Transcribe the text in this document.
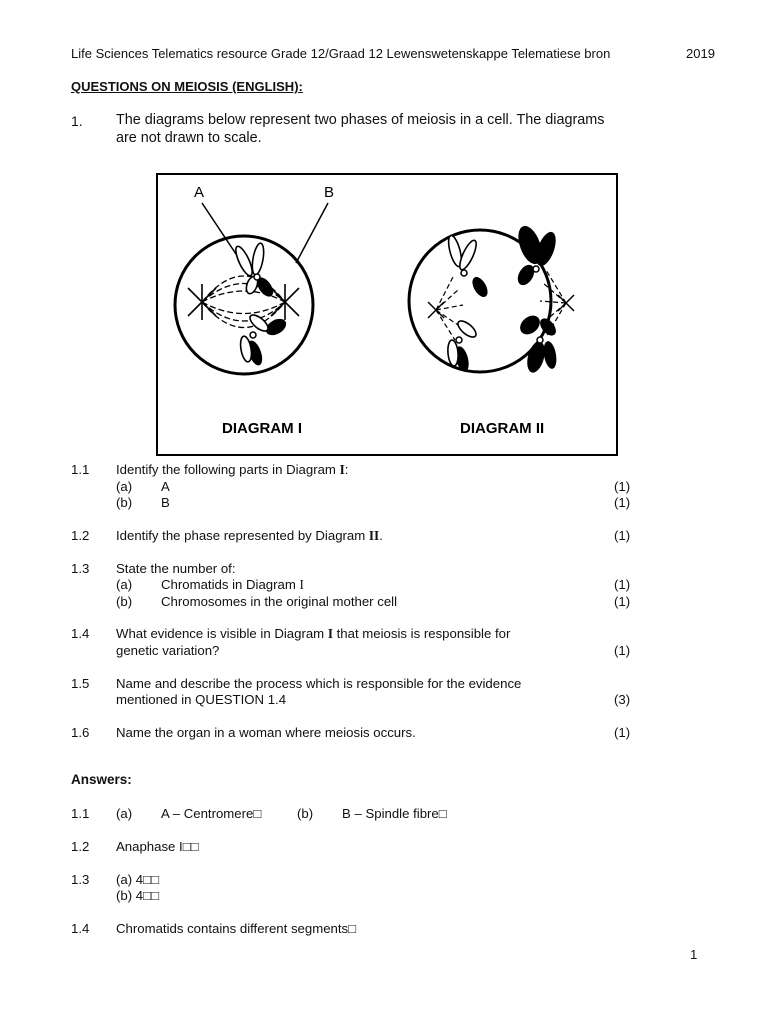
Life Sciences Telematics resource Grade 12/Graad 12 Lewenswetenskappe Telematiese bron	2019
QUESTIONS ON MEIOSIS (ENGLISH):
1. The diagrams below represent two phases of meiosis in a cell. The diagrams
are not drawn to scale.
A	B
DIAGRAM I	DIAGRAM II
1.1 Identify the following parts in Diagram I:
(a) A	(1)
(b) B	(1)
1.2 Identify the phase represented by Diagram II.	(1)
1.3 State the number of:
(a) Chromatids in Diagram I	(1)
(b) Chromosomes in the original mother cell	(1)
1.4 What evidence is visible in Diagram I that meiosis is responsible for
genetic variation?	(1)
1.5 Name and describe the process which is responsible for the evidence
mentioned in QUESTION 1.4	(3)
1.6 Name the organ in a woman where meiosis occurs.	(1)
Answers:
1.1 (a) A – Centromere□	(b) B – Spindle fibre□
1.2 Anaphase I□□
1.3 (a) 4□□
(b) 4□□
1.4 Chromatids contains different segments□
1
